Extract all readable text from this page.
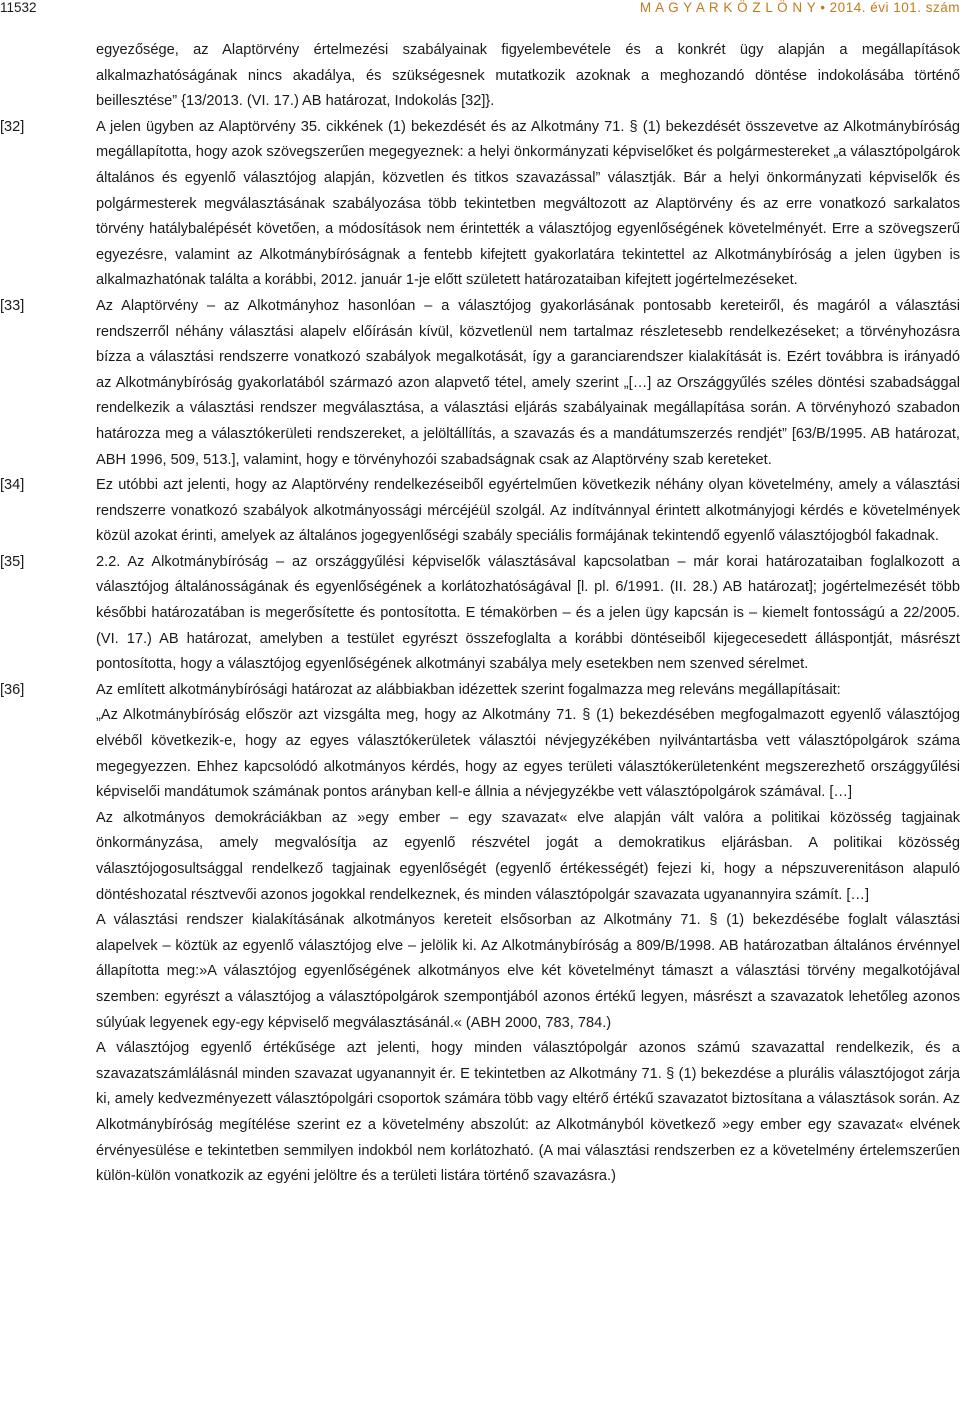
11532	M A G Y A R K Ö Z L Ö N Y • 2014. évi 101. szám

egyezősége, az Alaptörvény értelmezési szabályainak figyelembevétele és a konkrét ügy alapján a megállapítások alkalmazhatóságának nincs akadálya, és szükségesnek mutatkozik azoknak a meghozandó döntése indokolásába történő beillesztése” {13/2013. (VI. 17.) AB határozat, Indokolás [32]}.

[32]	A jelen ügyben az Alaptörvény 35. cikkének (1) bekezdését és az Alkotmány 71. § (1) bekezdését összevetve az Alkotmánybíróság megállapította, hogy azok szövegszerűen megegyeznek: a helyi önkormányzati képviselőket és polgármestereket „a választópolgárok általános és egyenlő választójog alapján, közvetlen és titkos szavazással” választják. Bár a helyi önkormányzati képviselők és polgármesterek megválasztásának szabályozása több tekintetben megváltozott az Alaptörvény és az erre vonatkozó sarkalatos törvény hatálybalépését követően, a módosítások nem érintették a választójog egyenlőségének követelményét. Erre a szövegszerű egyezésre, valamint az Alkotmánybíróságnak a fentebb kifejtett gyakorlatára tekintettel az Alkotmánybíróság a jelen ügyben is alkalmazhatónak találta a korábbi, 2012. január 1-je előtt született határozataiban kifejtett jogértelmezéseket.

[33]	Az Alaptörvény – az Alkotmányhoz hasonlóan – a választójog gyakorlásának pontosabb kereteiről, és magáról a választási rendszerről néhány választási alapelv előírásán kívül, közvetlenül nem tartalmaz részletesebb rendelkezéseket; a törvényhozásra bízza a választási rendszerre vonatkozó szabályok megalkotását, így a garanciarendszer kialakítását is. Ezért továbbra is irányadó az Alkotmánybíróság gyakorlatából származó azon alapvető tétel, amely szerint „[…] az Országgyűlés széles döntési szabadsággal rendelkezik a választási rendszer megválasztása, a választási eljárás szabályainak megállapítása során. A törvényhozó szabadon határozza meg a választókerületi rendszereket, a jelöltállítás, a szavazás és a mandátumszerzés rendjét” [63/B/1995. AB határozat, ABH 1996, 509, 513.], valamint, hogy e törvényhozói szabadságnak csak az Alaptörvény szab kereteket.

[34]	Ez utóbbi azt jelenti, hogy az Alaptörvény rendelkezéseiből egyértelműen következik néhány olyan követelmény, amely a választási rendszerre vonatkozó szabályok alkotmányossági mércéjéül szolgál. Az indítvánnyal érintett alkotmányjogi kérdés e követelmények közül azokat érinti, amelyek az általános jogegyenlőségi szabály speciális formájának tekintendő egyenlő választójogból fakadnak.

[35]	2.2. Az Alkotmánybíróság – az országgyűlési képviselők választásával kapcsolatban – már korai határozataiban foglalkozott a választójog általánosságának és egyenlőségének a korlátozhatóságával [l. pl. 6/1991. (II. 28.) AB határozat]; jogértelmezését több későbbi határozatában is megerősítette és pontosította. E témakörben – és a jelen ügy kapcsán is – kiemelt fontosságú a 22/2005. (VI. 17.) AB határozat, amelyben a testület egyrészt összefoglalta a korábbi döntéseiből kijegecesedett álláspontját, másrészt pontosította, hogy a választójog egyenlőségének alkotmányi szabálya mely esetekben nem szenved sérelmet.

[36]	Az említett alkotmánybírósági határozat az alábbiakban idézettek szerint fogalmazza meg releváns megállapításait:

„Az Alkotmánybíróság először azt vizsgálta meg, hogy az Alkotmány 71. § (1) bekezdésében megfogalmazott egyenlő választójog elvéből következik-e, hogy az egyes választókerületek választói névjegyzékében nyilvántartásba vett választópolgárok száma megegyezzen. Ehhez kapcsolódó alkotmányos kérdés, hogy az egyes területi választókerületenként megszerezhető országgyűlési képviselői mandátumok számának pontos arányban kell-e állnia a névjegyzékbe vett választópolgárok számával. […]

Az alkotmányos demokráciákban az »egy ember – egy szavazat« elve alapján vált valóra a politikai közösség tagjainak önkormányzása, amely megvalósítja az egyenlő részvétel jogát a demokratikus eljárásban. A politikai közösség választójogosultsággal rendelkező tagjainak egyenlőségét (egyenlő értékességét) fejezi ki, hogy a népszuverenitáson alapuló döntéshozatal résztvevői azonos jogokkal rendelkeznek, és minden választópolgár szavazata ugyanannyira számít. […]

A választási rendszer kialakításának alkotmányos kereteit elsősorban az Alkotmány 71. § (1) bekezdésébe foglalt választási alapelvek – köztük az egyenlő választójog elve – jelölik ki. Az Alkotmánybíróság a 809/B/1998. AB határozatban általános érvénnyel állapította meg:»A választójog egyenlőségének alkotmányos elve két követelményt támaszt a választási törvény megalkotójával szemben: egyrészt a választójog a választópolgárok szempontjából azonos értékű legyen, másrészt a szavazatok lehetőleg azonos súlyúak legyenek egy-egy képviselő megválasztásánál.« (ABH 2000, 783, 784.)

A választójog egyenlő értékűsége azt jelenti, hogy minden választópolgár azonos számú szavazattal rendelkezik, és a szavazatszámlálásnál minden szavazat ugyanannyit ér. E tekintetben az Alkotmány 71. § (1) bekezdése a plurális választójogot zárja ki, amely kedvezményezett választópolgári csoportok számára több vagy eltérő értékű szavazatot biztosítana a választások során. Az Alkotmánybíróság megítélése szerint ez a követelmény abszolút: az Alkotmányból következő »egy ember egy szavazat« elvének érvényesülése e tekintetben semmilyen indokból nem korlátozható. (A mai választási rendszerben ez a követelmény értelemszerűen külön-külön vonatkozik az egyéni jelöltre és a területi listára történő szavazásra.)
